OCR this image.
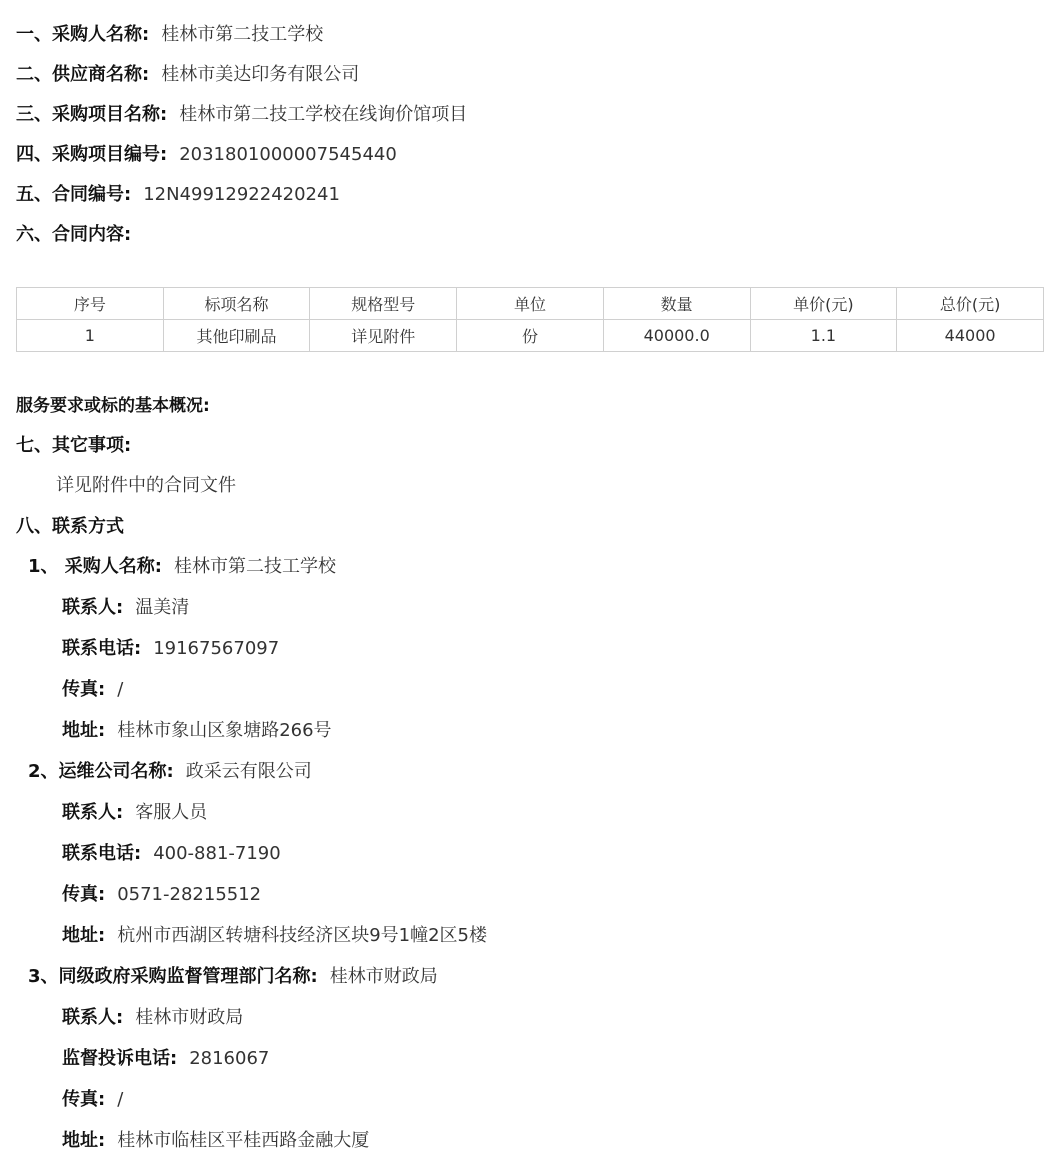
一、采购人名称: 桂林市第二技工学校
二、供应商名称: 桂林市美达印务有限公司
三、采购项目名称: 桂林市第二技工学校在线询价馆项目
四、采购项目编号: 2031801000007545440
五、合同编号: 12N49912922420241
六、合同内容:
序号	标项名称	规格型号	单位	数量	单价(元)	总价(元)
1	其他印刷品	详见附件	份	40000.0	1.1	44000
服务要求或标的基本概况:
七、其它事项:
详见附件中的合同文件
八、联系方式
1、 采购人名称: 桂林市第二技工学校
联系人: 温美清
联系电话: 19167567097
传真: /
地址: 桂林市象山区象塘路266号
2、运维公司名称: 政采云有限公司
联系人: 客服人员
联系电话: 400-881-7190
传真: 0571-28215512
地址: 杭州市西湖区转塘科技经济区块9号1幢2区5楼
3、同级政府采购监督管理部门名称: 桂林市财政局
联系人: 桂林市财政局
监督投诉电话: 2816067
传真: /
地址: 桂林市临桂区平桂西路金融大厦
